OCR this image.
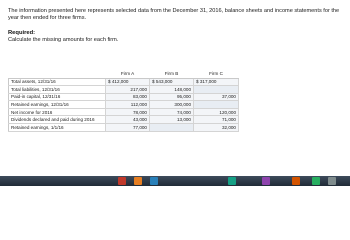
The information presented here represents selected data from the December 31, 2016, balance sheets and income statements for the year then ended for three firms.

Required:
Calculate the missing amounts for each firm.
	Firm A	Firm B	Firm C
Total assets, 12/31/16	$ 412,000	$ 543,000	$ 317,000
Total liabilities, 12/31/16	217,000	148,000	
Paid-in capital, 12/31/16	83,000	95,000	37,000
Retained earnings, 12/31/16	112,000	300,000	
Net income for 2016	78,000	74,000	120,000
Dividends declared and paid during 2016	43,000	13,000	71,000
Retained earnings, 1/1/16	77,000		32,000
